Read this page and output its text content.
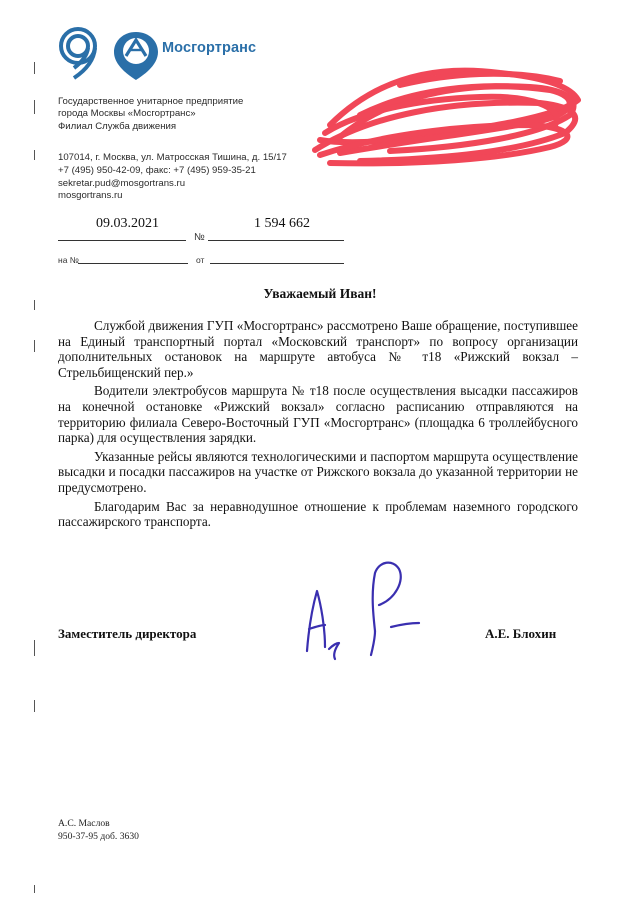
Мосгортранс
Государственное унитарное предприятие
города Москвы «Мосгортранс»
Филиал Служба движения
107014, г. Москва, ул. Матросская Тишина, д. 15/17
+7 (495) 950-42-09, факс: +7 (495) 959-35-21
sekretar.pud@mosgortrans.ru
mosgortrans.ru
09.03.2021
№
1 594 662
на №	от
Уважаемый Иван!

Службой движения ГУП «Мосгортранс» рассмотрено Ваше обращение, поступившее на Единый транспортный портал «Московский транспорт» по вопросу организации дополнительных остановок на маршруте автобуса № т18 «Рижский вокзал – Стрельбищенский пер.»

Водители электробусов маршрута № т18 после осуществления высадки пассажиров на конечной остановке «Рижский вокзал» согласно расписанию отправляются на территорию филиала Северо-Восточный ГУП «Мосгортранс» (площадка 6 троллейбусного парка) для осуществления зарядки.

Указанные рейсы являются технологическими и паспортом маршрута осуществление высадки и посадки пассажиров на участке от Рижского вокзала до указанной территории не предусмотрено.

Благодарим Вас за неравнодушное отношение к проблемам наземного городского пассажирского транспорта.

Заместитель директора	А.Е. Блохин
А.С. Маслов
950-37-95 доб. 3630
